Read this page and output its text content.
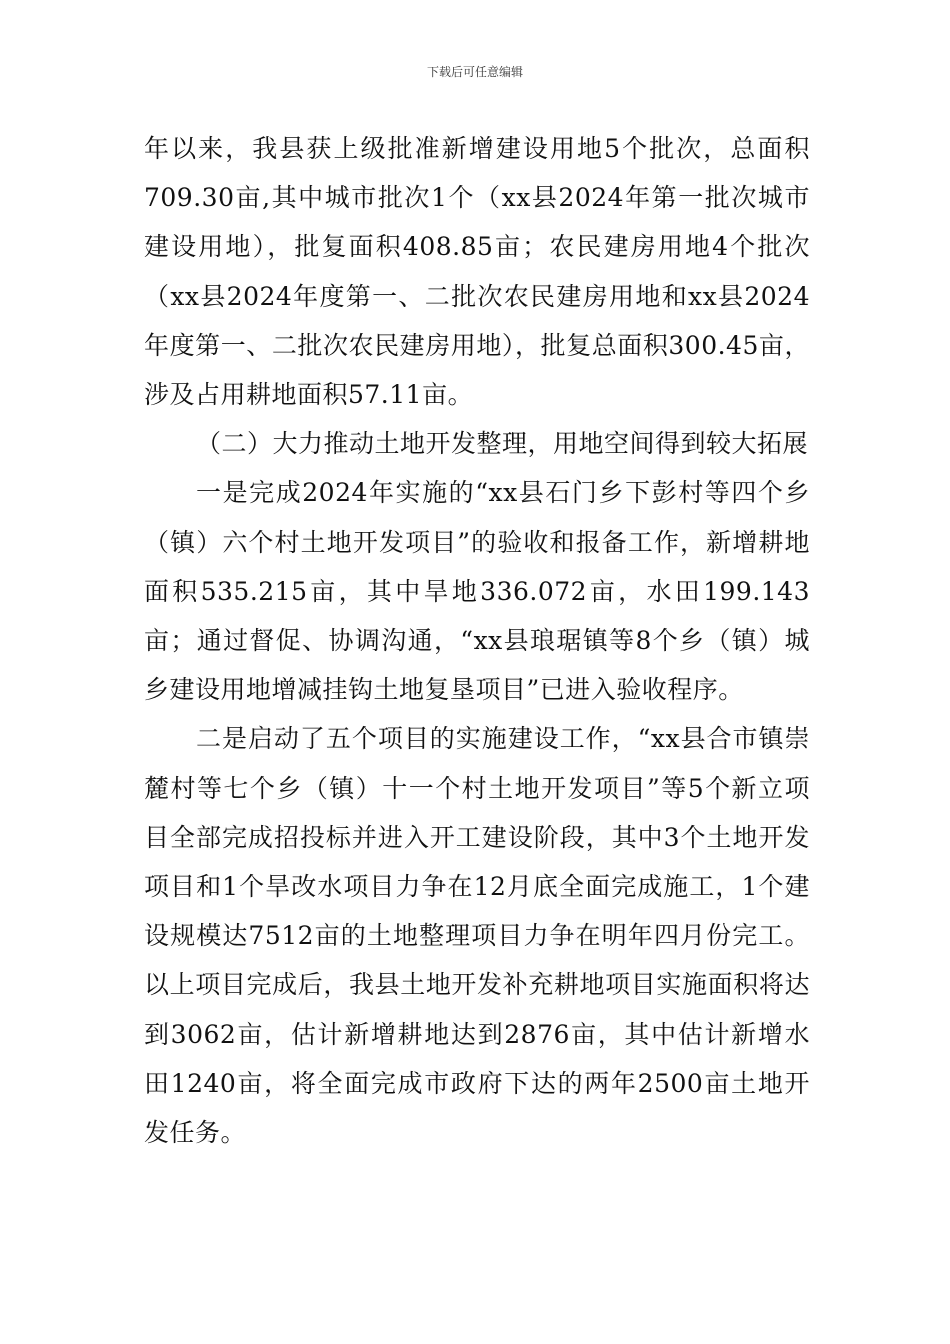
下载后可任意编辑

年以来，我县获上级批准新增建设用地5个批次，总面积709.30亩,其中城市批次1个（xx县2024年第一批次城市建设用地），批复面积408.85亩；农民建房用地4个批次（xx县2024年度第一、二批次农民建房用地和xx县2024年度第一、二批次农民建房用地），批复总面积300.45亩，涉及占用耕地面积57.11亩。

（二）大力推动土地开发整理，用地空间得到较大拓展

一是完成2024年实施的“xx县石门乡下彭村等四个乡（镇）六个村土地开发项目”的验收和报备工作，新增耕地面积535.215亩，其中旱地336.072亩，水田199.143亩；通过督促、协调沟通，“xx县琅琚镇等8个乡（镇）城乡建设用地增减挂钩土地复垦项目”已进入验收程序。

二是启动了五个项目的实施建设工作，“xx县合市镇崇麓村等七个乡（镇）十一个村土地开发项目”等5个新立项目全部完成招投标并进入开工建设阶段，其中3个土地开发项目和1个旱改水项目力争在12月底全面完成施工，1个建设规模达7512亩的土地整理项目力争在明年四月份完工。以上项目完成后，我县土地开发补充耕地项目实施面积将达到3062亩，估计新增耕地达到2876亩，其中估计新增水田1240亩，将全面完成市政府下达的两年2500亩土地开发任务。
